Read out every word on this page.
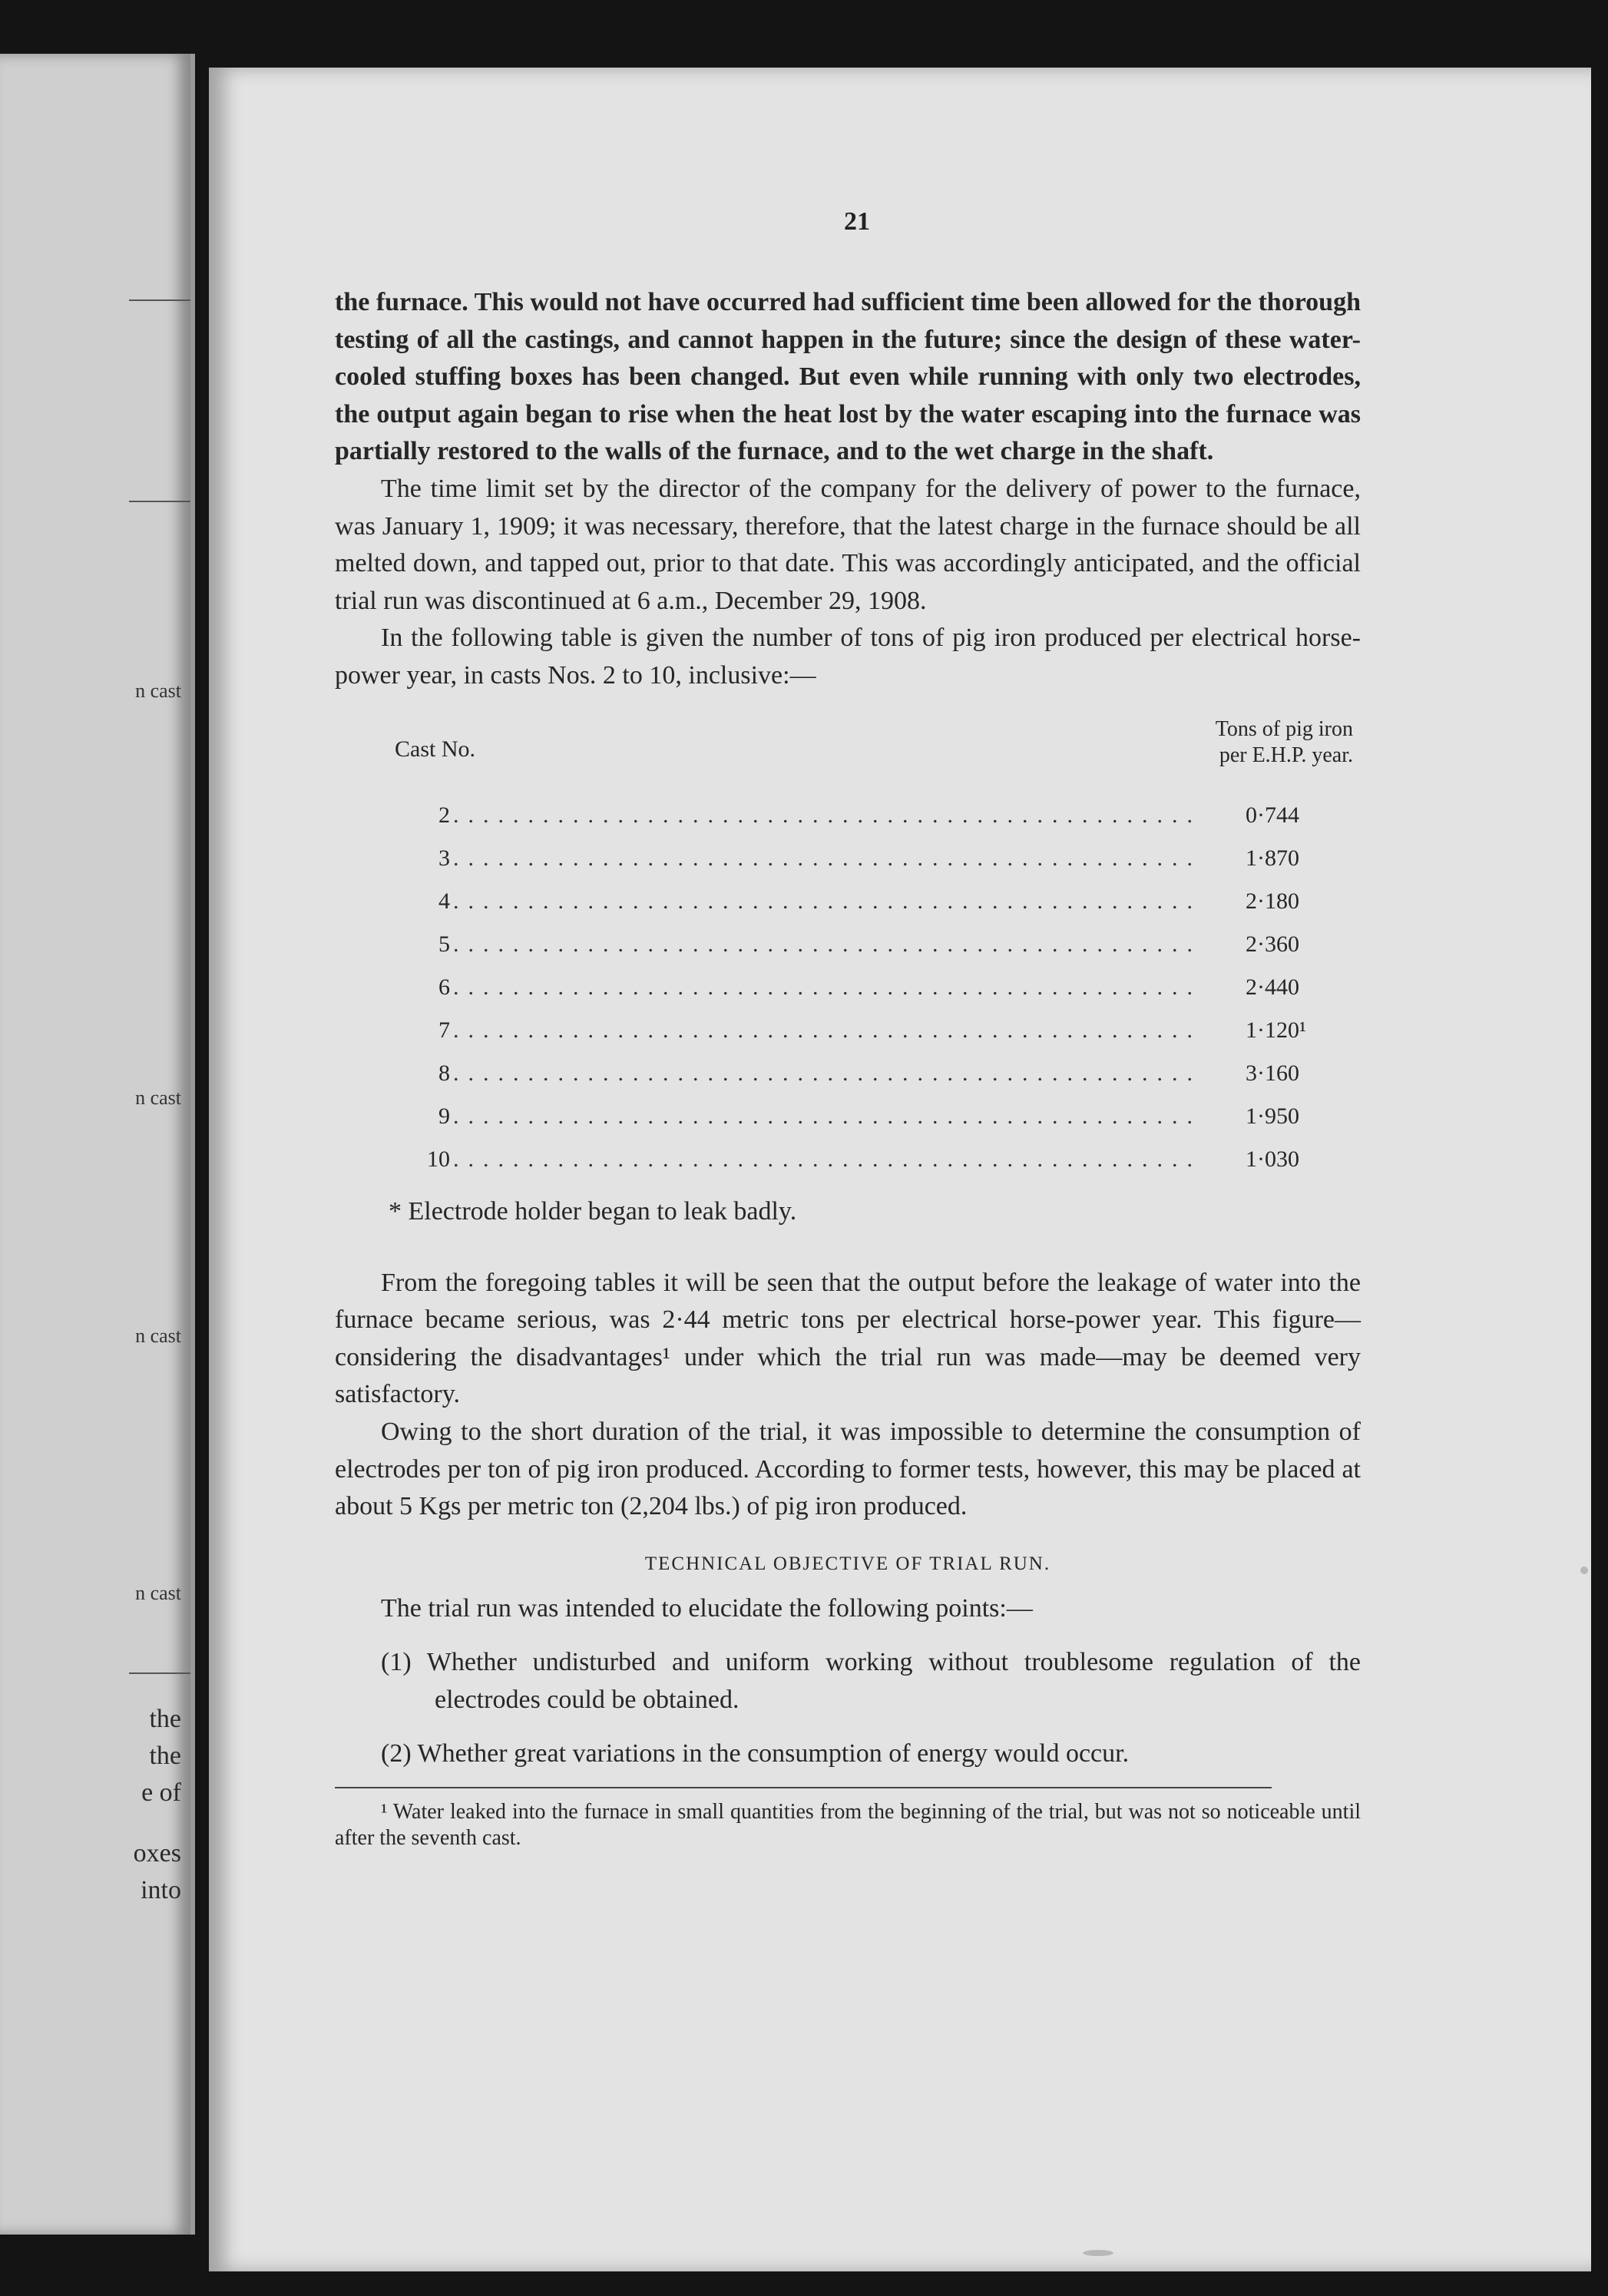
n cast
n cast
n cast
n cast
the
the
e of
oxes
into
21

the furnace. This would not have occurred had sufficient time been allowed for the thorough testing of all the castings, and cannot happen in the future; since the design of these water-cooled stuffing boxes has been changed. But even while running with only two electrodes, the output again began to rise when the heat lost by the water escaping into the furnace was partially restored to the walls of the furnace, and to the wet charge in the shaft.

The time limit set by the director of the company for the delivery of power to the furnace, was January 1, 1909; it was necessary, therefore, that the latest charge in the furnace should be all melted down, and tapped out, prior to that date. This was accordingly anticipated, and the official trial run was discontinued at 6 a.m., December 29, 1908.

In the following table is given the number of tons of pig iron produced per electrical horse-power year, in casts Nos. 2 to 10, inclusive:—

Cast No.
Tons of pig iron
per E.H.P. year.
2 ..................................................	0·744
3 ..................................................	1·870
4 ..................................................	2·180
5 ..................................................	2·360
6 ..................................................	2·440
7 ..................................................	1·120¹
8 ..................................................	3·160
9 ..................................................	1·950
10 ..................................................	1·030
* Electrode holder began to leak badly.

From the foregoing tables it will be seen that the output before the leakage of water into the furnace became serious, was 2·44 metric tons per electrical horse-power year. This figure—considering the disadvantages¹ under which the trial run was made—may be deemed very satisfactory.

Owing to the short duration of the trial, it was impossible to determine the consumption of electrodes per ton of pig iron produced. According to former tests, however, this may be placed at about 5 Kgs per metric ton (2,204 lbs.) of pig iron produced.

TECHNICAL OBJECTIVE OF TRIAL RUN.

The trial run was intended to elucidate the following points:—

(1) Whether undisturbed and uniform working without troublesome regulation of the electrodes could be obtained.

(2) Whether great variations in the consumption of energy would occur.

¹ Water leaked into the furnace in small quantities from the beginning of the trial, but was not so noticeable until after the seventh cast.
